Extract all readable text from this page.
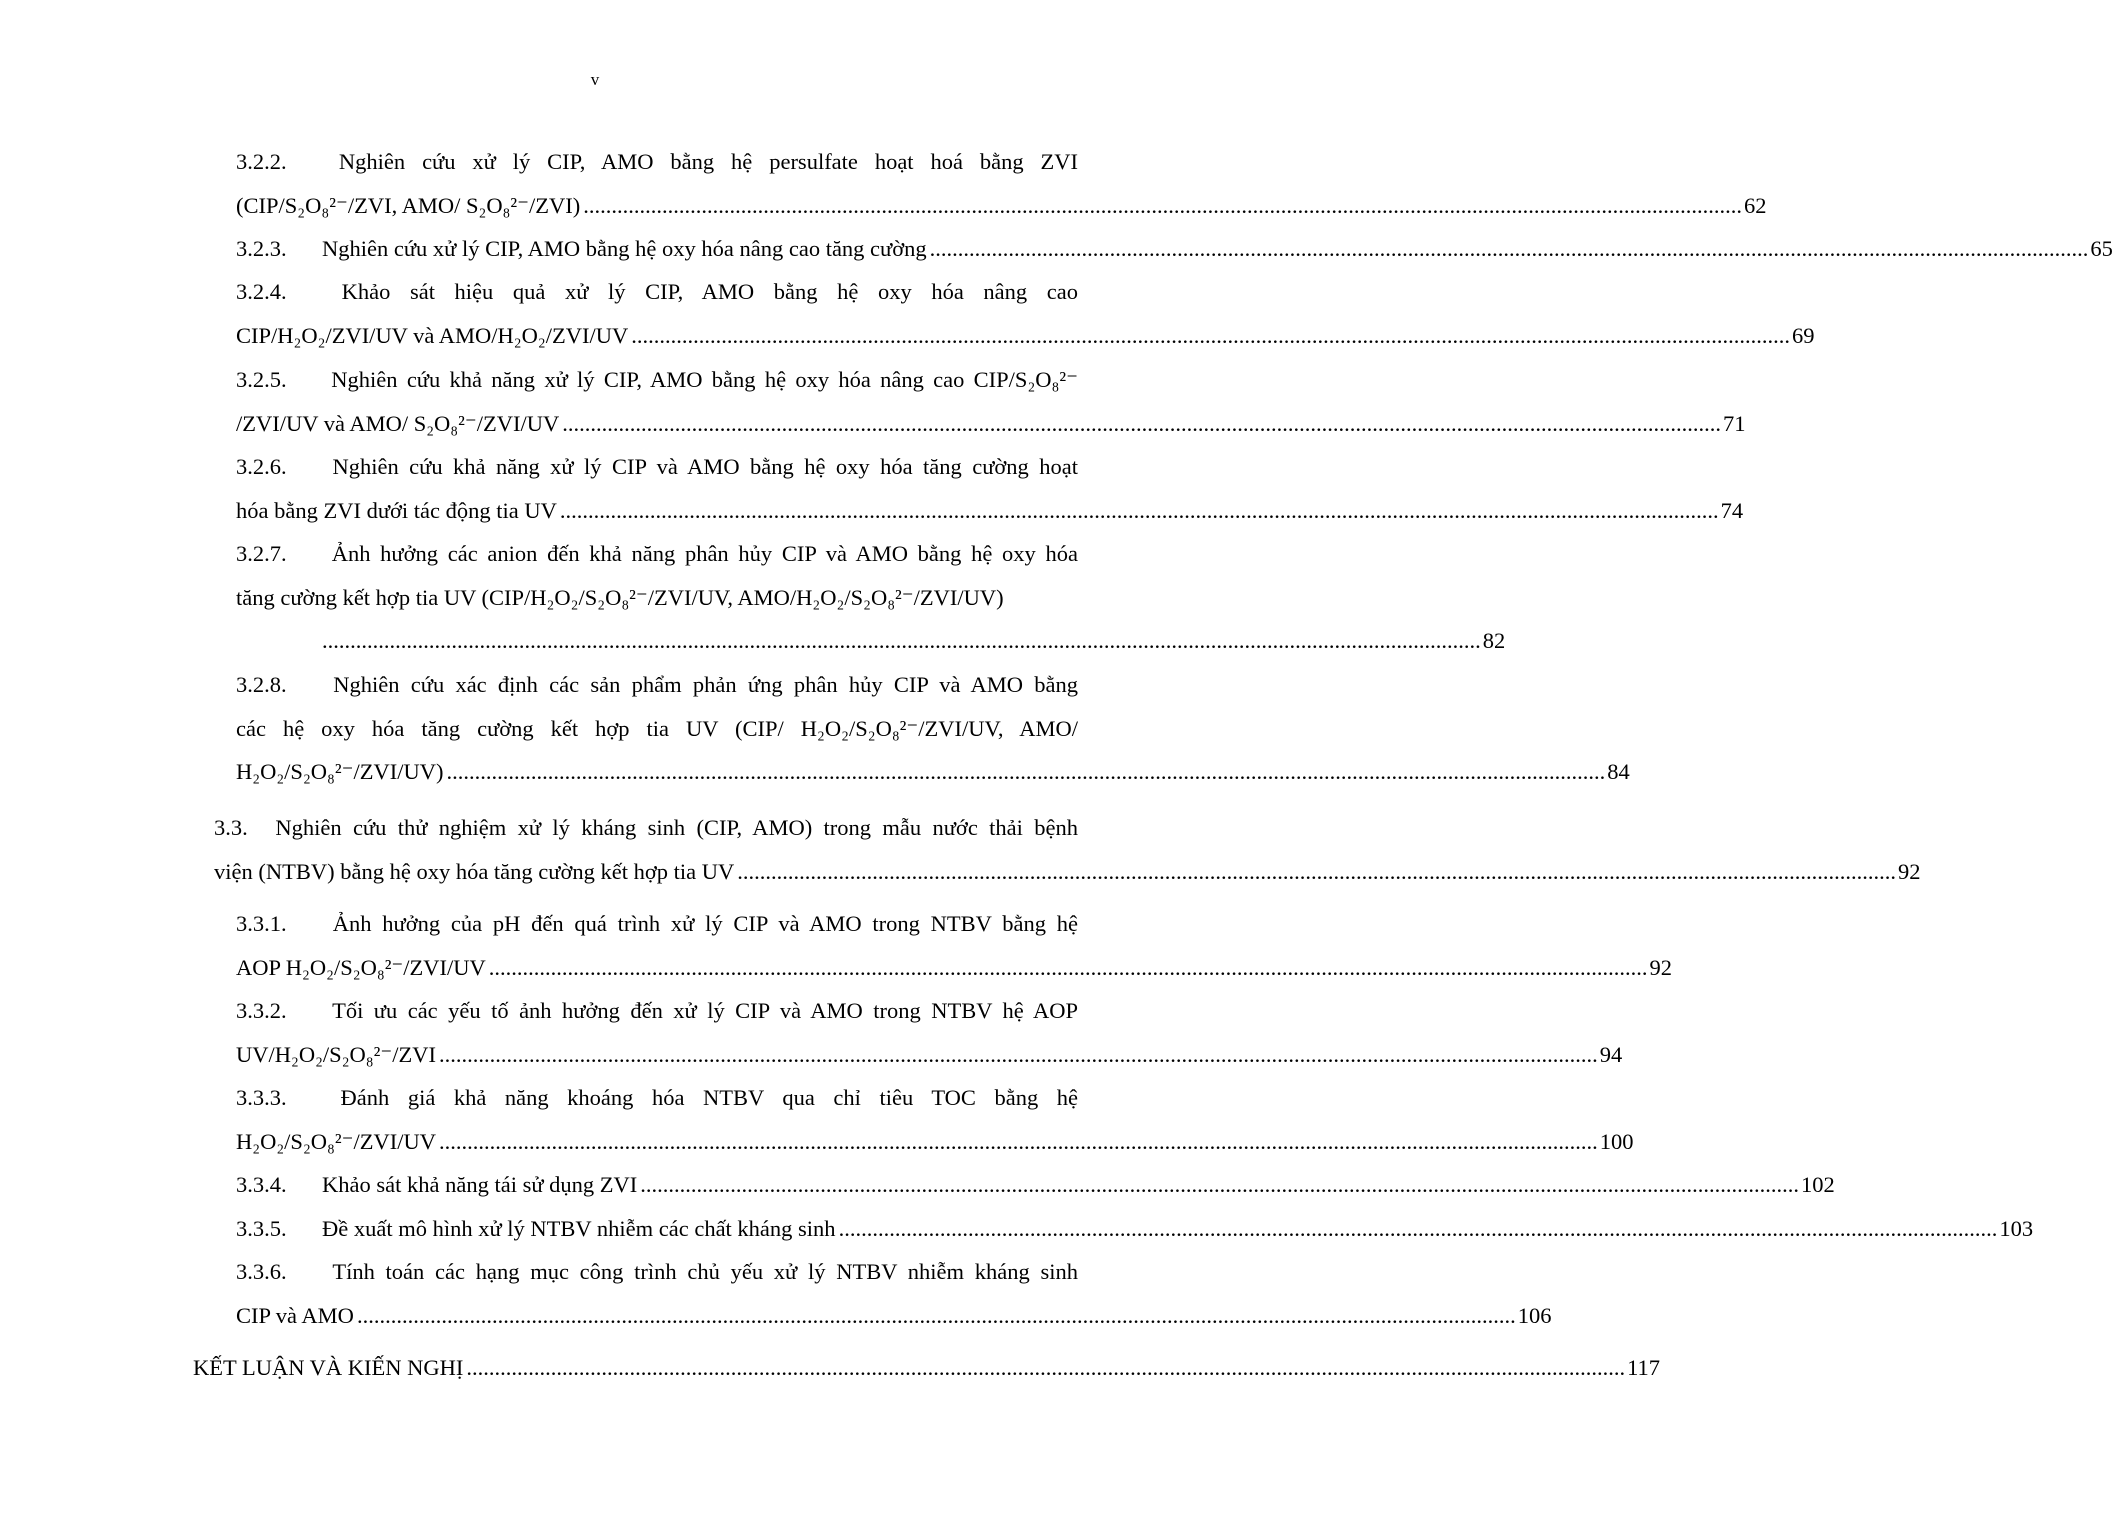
v
3.2.2. Nghiên cứu xử lý CIP, AMO bằng hệ persulfate hoạt hoá bằng ZVI
(CIP/S₂O₈²⁻/ZVI, AMO/ S₂O₈²⁻/ZVI) .............................................................................................................................................................................................................. 62
3.2.3. Nghiên cứu xử lý CIP, AMO bằng hệ oxy hóa nâng cao tăng cường .............................................................................................................................................................................................................. 65
3.2.4. Khảo sát hiệu quả xử lý CIP, AMO bằng hệ oxy hóa nâng cao
CIP/H₂O₂/ZVI/UV và AMO/H₂O₂/ZVI/UV .............................................................................................................................................................................................................. 69
3.2.5. Nghiên cứu khả năng xử lý CIP, AMO bằng hệ oxy hóa nâng cao CIP/S₂O₈²⁻
/ZVI/UV và AMO/ S₂O₈²⁻/ZVI/UV .............................................................................................................................................................................................................. 71
3.2.6. Nghiên cứu khả năng xử lý CIP và AMO bằng hệ oxy hóa tăng cường hoạt
hóa bằng ZVI dưới tác động tia UV .............................................................................................................................................................................................................. 74
3.2.7. Ảnh hưởng các anion đến khả năng phân hủy CIP và AMO bằng hệ oxy hóa
tăng cường kết hợp tia UV (CIP/H₂O₂/S₂O₈²⁻/ZVI/UV, AMO/H₂O₂/S₂O₈²⁻/ZVI/UV)
.............................................................................................................................................................................................................. 82
3.2.8. Nghiên cứu xác định các sản phẩm phản ứng phân hủy CIP và AMO bằng
các hệ oxy hóa tăng cường kết hợp tia UV (CIP/ H₂O₂/S₂O₈²⁻/ZVI/UV, AMO/
H₂O₂/S₂O₈²⁻/ZVI/UV) .............................................................................................................................................................................................................. 84
3.3. Nghiên cứu thử nghiệm xử lý kháng sinh (CIP, AMO) trong mẫu nước thải bệnh
viện (NTBV) bằng hệ oxy hóa tăng cường kết hợp tia UV .............................................................................................................................................................................................................. 92
3.3.1. Ảnh hưởng của pH đến quá trình xử lý CIP và AMO trong NTBV bằng hệ
AOP H₂O₂/S₂O₈²⁻/ZVI/UV .............................................................................................................................................................................................................. 92
3.3.2. Tối ưu các yếu tố ảnh hưởng đến xử lý CIP và AMO trong NTBV hệ AOP
UV/H₂O₂/S₂O₈²⁻/ZVI .............................................................................................................................................................................................................. 94
3.3.3. Đánh giá khả năng khoáng hóa NTBV qua chỉ tiêu TOC bằng hệ
H₂O₂/S₂O₈²⁻/ZVI/UV .............................................................................................................................................................................................................. 100
3.3.4. Khảo sát khả năng tái sử dụng ZVI .............................................................................................................................................................................................................. 102
3.3.5. Đề xuất mô hình xử lý NTBV nhiễm các chất kháng sinh .............................................................................................................................................................................................................. 103
3.3.6. Tính toán các hạng mục công trình chủ yếu xử lý NTBV nhiễm kháng sinh
CIP và AMO .............................................................................................................................................................................................................. 106
KẾT LUẬN VÀ KIẾN NGHỊ .............................................................................................................................................................................................................. 117
